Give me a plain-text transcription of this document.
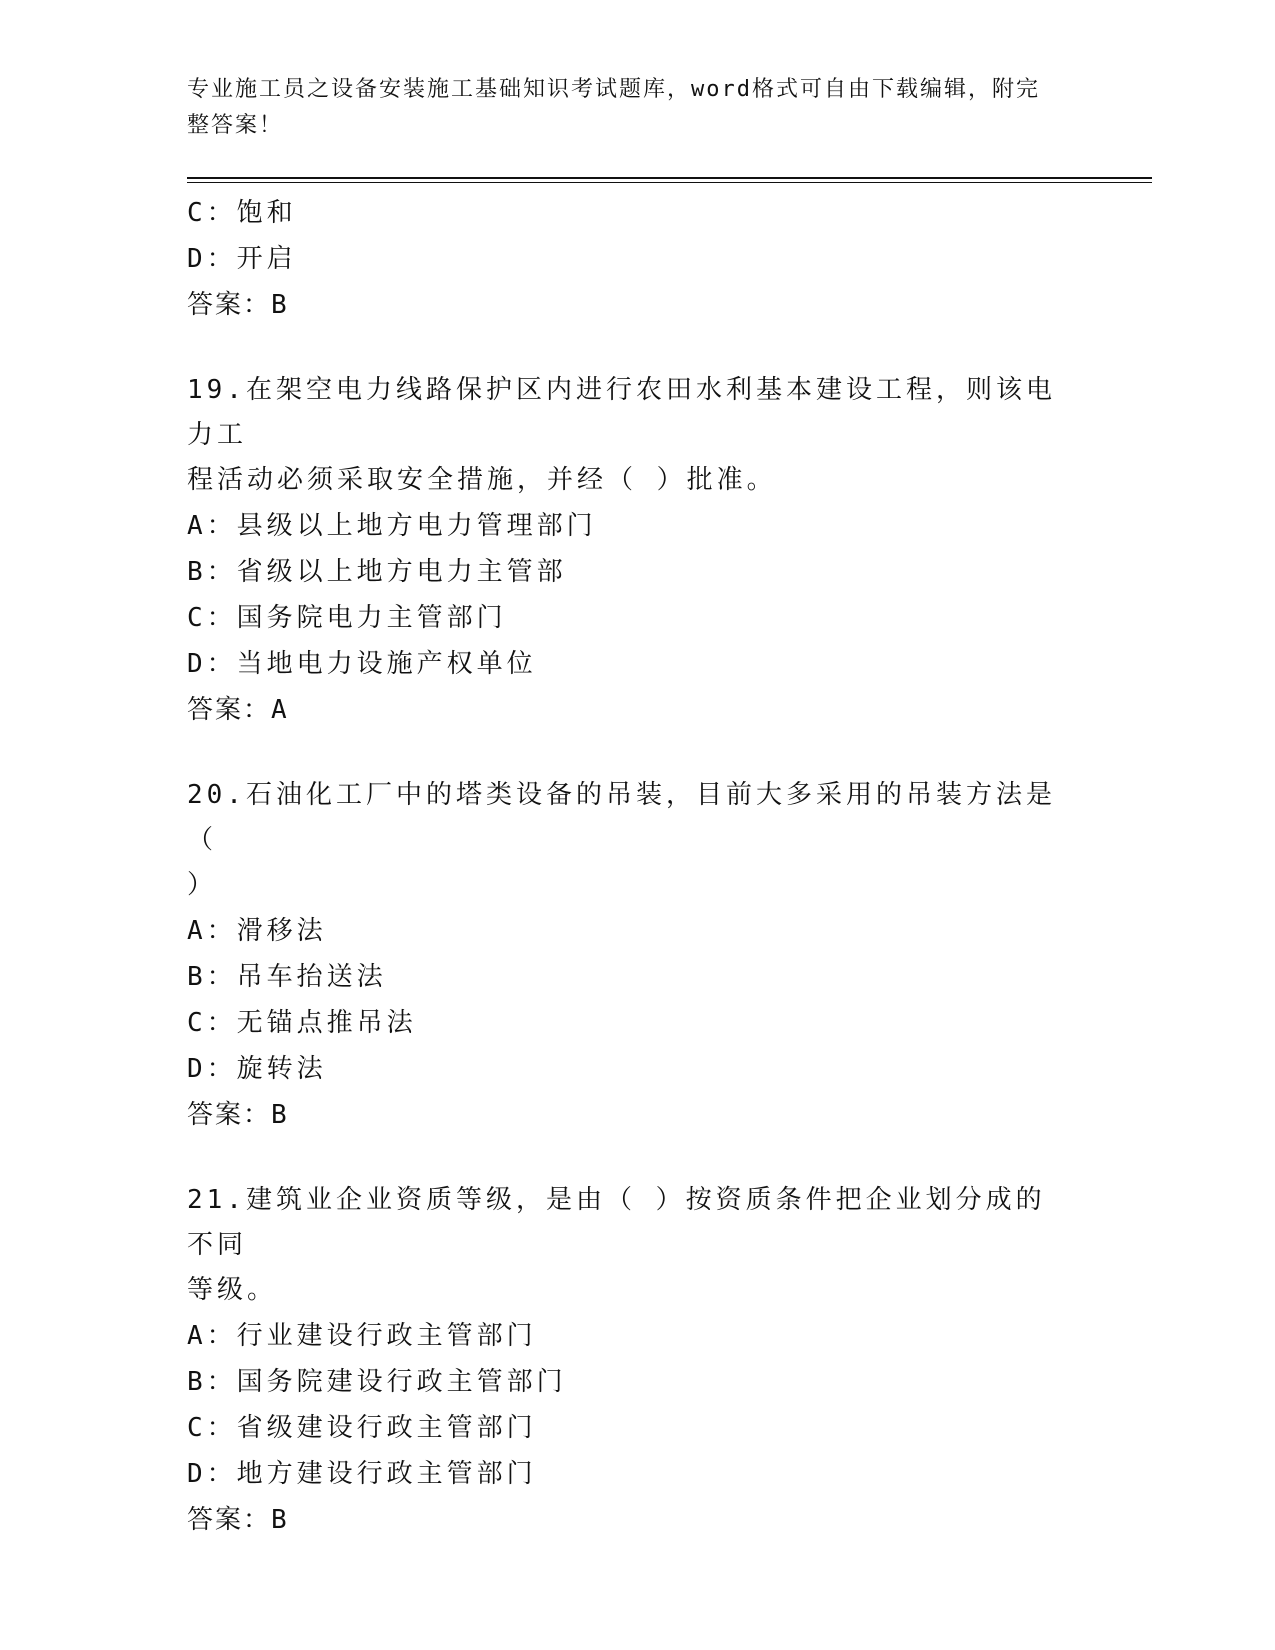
专业施工员之设备安装施工基础知识考试题库，word格式可自由下载编辑，附完
整答案！
C：饱和
D：开启
答案：B
19.在架空电力线路保护区内进行农田水利基本建设工程，则该电力工
程活动必须采取安全措施，并经（ ）批准。
A：县级以上地方电力管理部门
B：省级以上地方电力主管部
C：国务院电力主管部门
D：当地电力设施产权单位
答案：A
20.石油化工厂中的塔类设备的吊装，目前大多采用的吊装方法是（
）
A：滑移法
B：吊车抬送法
C：无锚点推吊法
D：旋转法
答案：B
21.建筑业企业资质等级，是由（ ）按资质条件把企业划分成的不同
等级。
A：行业建设行政主管部门
B：国务院建设行政主管部门
C：省级建设行政主管部门
D：地方建设行政主管部门
答案：B
